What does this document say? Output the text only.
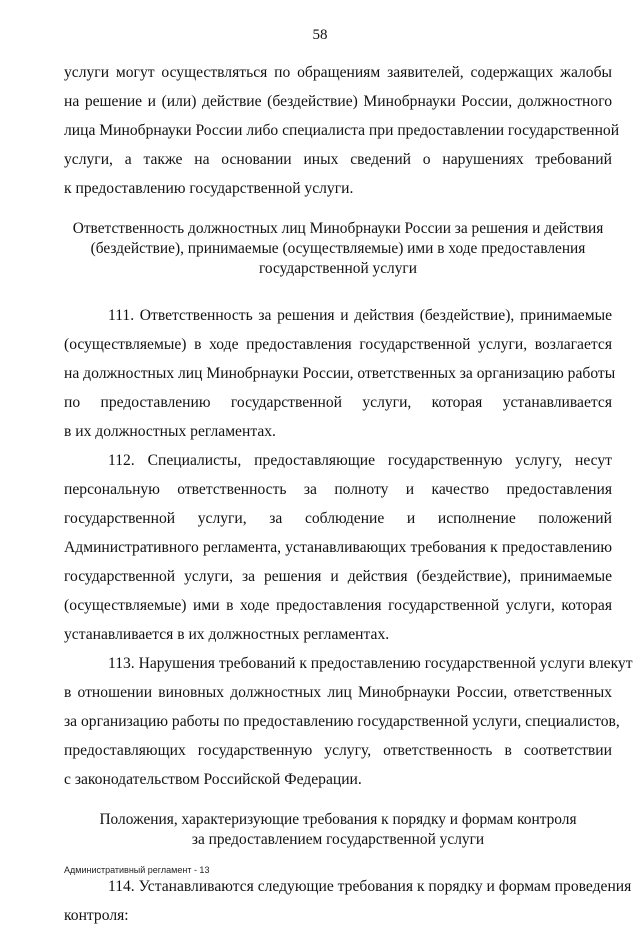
58
услуги могут осуществляться по обращениям заявителей, содержащих жалобы
на решение и (или) действие (бездействие) Минобрнауки России, должностного
лица Минобрнауки России либо специалиста при предоставлении государственной
услуги, а также на основании иных сведений о нарушениях требований
к предоставлению государственной услуги.
Ответственность должностных лиц Минобрнауки России за решения и действия
(бездействие), принимаемые (осуществляемые) ими в ходе предоставления
государственной услуги
111. Ответственность за решения и действия (бездействие), принимаемые
(осуществляемые) в ходе предоставления государственной услуги, возлагается
на должностных лиц Минобрнауки России, ответственных за организацию работы
по предоставлению государственной услуги, которая устанавливается
в их должностных регламентах.
112. Специалисты, предоставляющие государственную услугу, несут
персональную ответственность за полноту и качество предоставления
государственной услуги, за соблюдение и исполнение положений
Административного регламента, устанавливающих требования к предоставлению
государственной услуги, за решения и действия (бездействие), принимаемые
(осуществляемые) ими в ходе предоставления государственной услуги, которая
устанавливается в их должностных регламентах.
113. Нарушения требований к предоставлению государственной услуги влекут
в отношении виновных должностных лиц Минобрнауки России, ответственных
за организацию работы по предоставлению государственной услуги, специалистов,
предоставляющих государственную услугу, ответственность в соответствии
с законодательством Российской Федерации.
Положения, характеризующие требования к порядку и формам контроля
за предоставлением государственной услуги
114. Устанавливаются следующие требования к порядку и формам проведения
контроля:
Административный регламент - 13
